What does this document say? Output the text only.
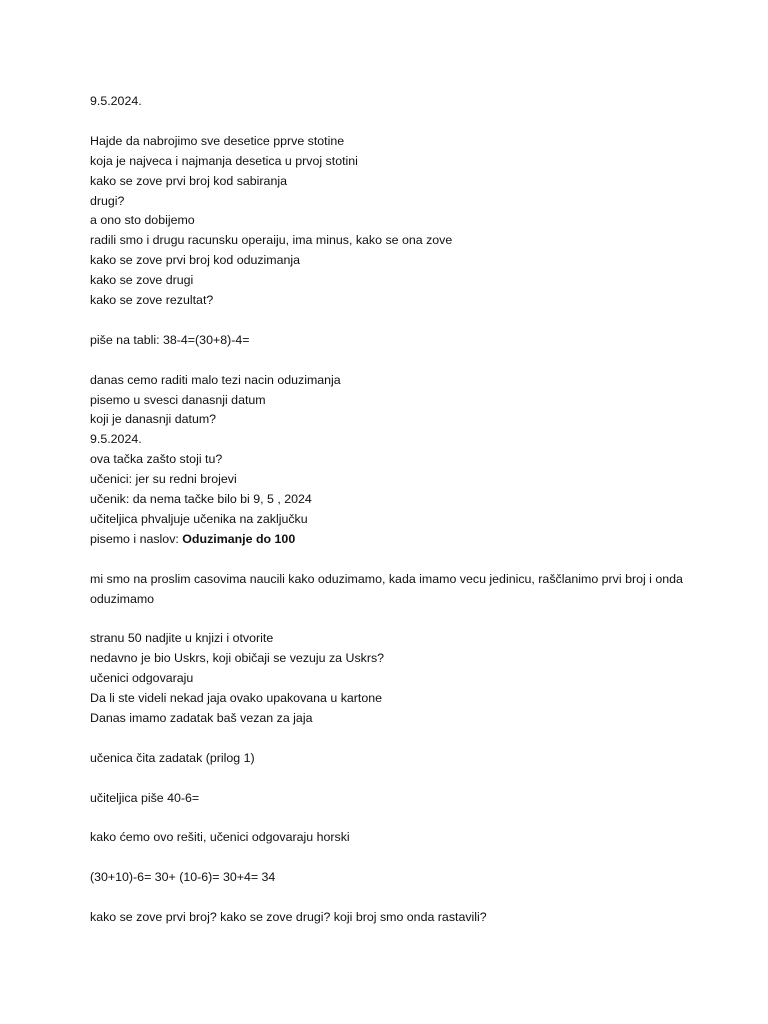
9.5.2024.
Hajde da nabrojimo sve desetice pprve stotine
koja je najveca i najmanja desetica u prvoj stotini
kako se zove prvi broj kod sabiranja
drugi?
a ono sto dobijemo
radili smo i drugu racunsku operaiju, ima minus, kako se ona zove
kako se zove prvi broj kod oduzimanja
kako se zove drugi
kako se zove rezultat?
piše na tabli: 38-4=(30+8)-4=
danas cemo raditi malo tezi nacin oduzimanja
pisemo u svesci danasnji datum
koji je danasnji datum?
9.5.2024.
ova tačka zašto stoji tu?
učenici: jer su redni brojevi
učenik: da nema tačke bilo bi 9, 5 , 2024
učiteljica phvaljuje učenika na zaključku
pisemo i naslov: Oduzimanje do 100
mi smo na proslim casovima naucili kako oduzimamo, kada imamo vecu jedinicu, raščlanimo prvi broj i onda oduzimamo
stranu 50 nadjite u knjizi i otvorite
nedavno je bio Uskrs, koji običaji se vezuju za Uskrs?
učenici odgovaraju
Da li ste videli nekad jaja ovako upakovana u kartone
Danas imamo zadatak baš vezan za jaja
učenica čita zadatak (prilog 1)
učiteljica piše 40-6=
kako ćemo ovo rešiti, učenici odgovaraju horski
(30+10)-6= 30+ (10-6)= 30+4= 34
kako se zove prvi broj? kako se zove drugi? koji broj smo onda rastavili?
